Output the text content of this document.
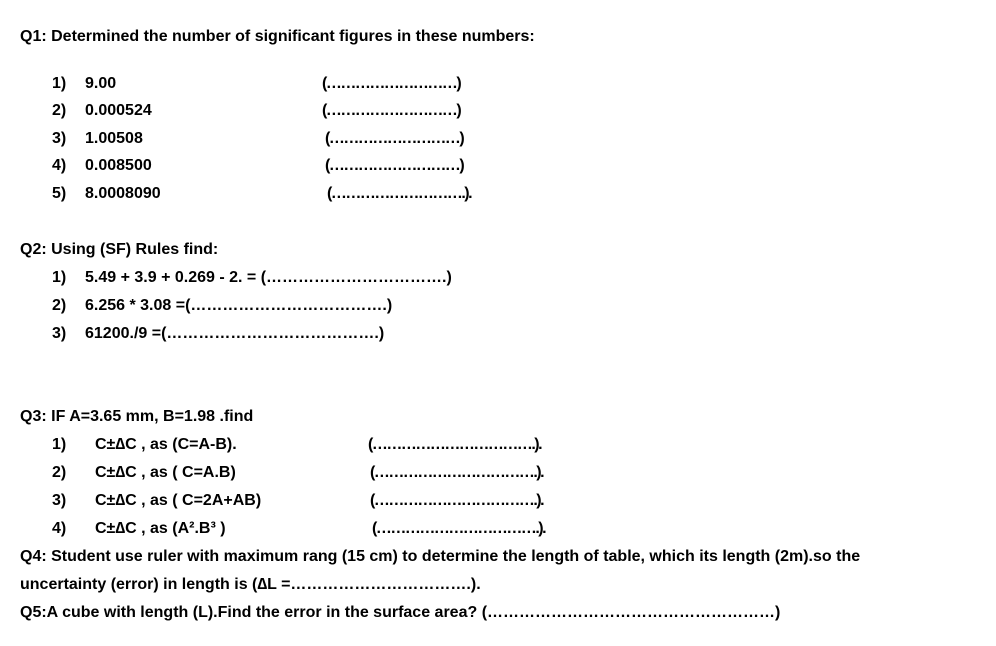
Q1: Determined the number of significant figures in these numbers:
1) 9.00	(………………………)
2) 0.000524	(………………………)
3) 1.00508	(………………………)
4) 0.008500	(………………………)
5) 8.0008090	(……………………….).
Q2: Using (SF) Rules find:
1) 5.49 + 3.9 + 0.269 - 2. = (…………………………….)
2) 6.256 * 3.08 =(……………………………….)
3) 61200./9 =(………………………………….)
Q3: IF A=3.65 mm, B=1.98 .find
1) C±∆C , as (C=A-B).	(…………………………….).
2) C±∆C , as ( C=A.B)	(…………………………….).
3) C±∆C , as ( C=2A+AB)	(…………………………….).
4) C±∆C , as (A².B³ )	(…………………………….).
Q4: Student use ruler with maximum rang (15 cm) to determine the length of table, which its length (2m).so the
uncertainty (error) in length is (∆L =…………………………….).
Q5:A cube with length (L).Find the error in the surface area? (………………………………………………)
